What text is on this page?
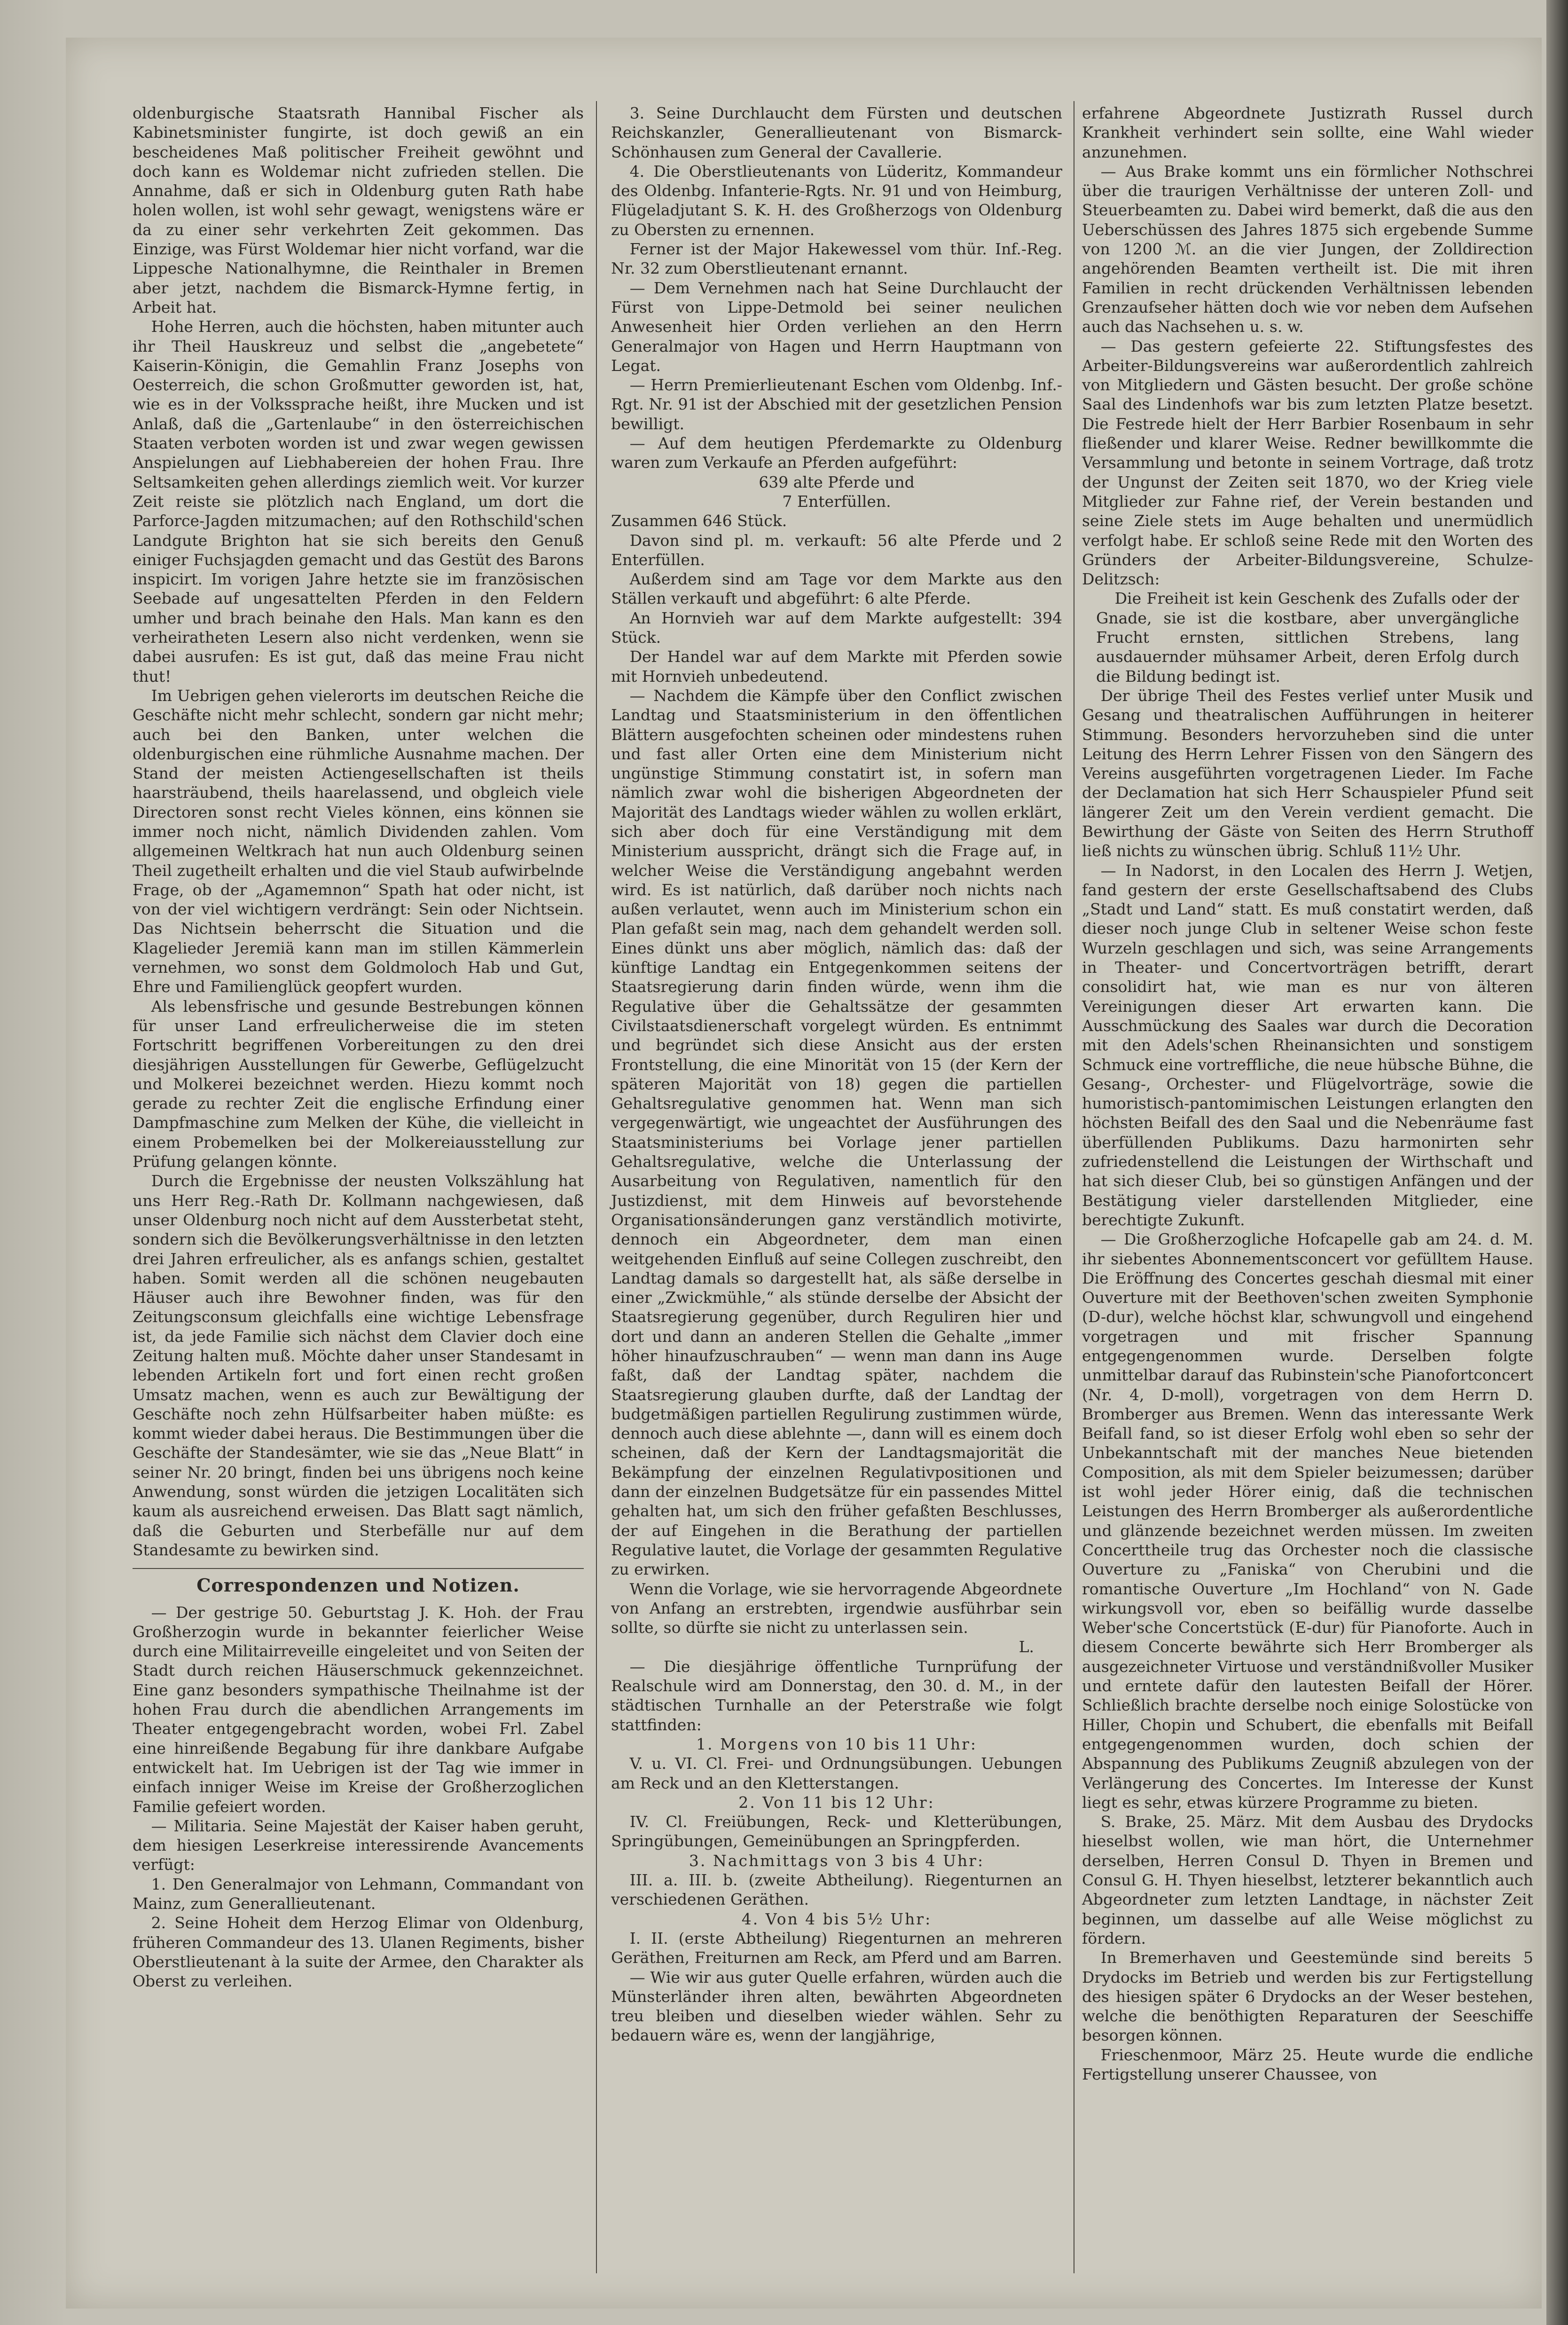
oldenburgische Staatsrath Hannibal Fischer als Kabinetsminister fungirte, ist doch gewiß an ein bescheidenes Maß politischer Freiheit gewöhnt und doch kann es Woldemar nicht zufrieden stellen. Die Annahme, daß er sich in Oldenburg guten Rath habe holen wollen, ist wohl sehr gewagt, wenigstens wäre er da zu einer sehr verkehrten Zeit gekommen. Das Einzige, was Fürst Woldemar hier nicht vorfand, war die Lippesche Nationalhymne, die Reinthaler in Bremen aber jetzt, nachdem die Bismarck-Hymne fertig, in Arbeit hat.

Hohe Herren, auch die höchsten, haben mitunter auch ihr Theil Hauskreuz und selbst die „angebetete“ Kaiserin-Königin, die Gemahlin Franz Josephs von Oesterreich, die schon Großmutter geworden ist, hat, wie es in der Volkssprache heißt, ihre Mucken und ist Anlaß, daß die „Gartenlaube“ in den österreichischen Staaten verboten worden ist und zwar wegen gewissen Anspielungen auf Liebhabereien der hohen Frau. Ihre Seltsamkeiten gehen allerdings ziemlich weit. Vor kurzer Zeit reiste sie plötzlich nach England, um dort die Parforce-Jagden mitzumachen; auf den Rothschild'schen Landgute Brighton hat sie sich bereits den Genuß einiger Fuchsjagden gemacht und das Gestüt des Barons inspicirt. Im vorigen Jahre hetzte sie im französischen Seebade auf ungesattelten Pferden in den Feldern umher und brach beinahe den Hals. Man kann es den verheiratheten Lesern also nicht verdenken, wenn sie dabei ausrufen: Es ist gut, daß das meine Frau nicht thut!

Im Uebrigen gehen vielerorts im deutschen Reiche die Geschäfte nicht mehr schlecht, sondern gar nicht mehr; auch bei den Banken, unter welchen die oldenburgischen eine rühmliche Ausnahme machen. Der Stand der meisten Actiengesellschaften ist theils haarsträubend, theils haarelassend, und obgleich viele Directoren sonst recht Vieles können, eins können sie immer noch nicht, nämlich Dividenden zahlen. Vom allgemeinen Weltkrach hat nun auch Oldenburg seinen Theil zugetheilt erhalten und die viel Staub aufwirbelnde Frage, ob der „Agamemnon“ Spath hat oder nicht, ist von der viel wichtigern verdrängt: Sein oder Nichtsein. Das Nichtsein beherrscht die Situation und die Klagelieder Jeremiä kann man im stillen Kämmerlein vernehmen, wo sonst dem Goldmoloch Hab und Gut, Ehre und Familienglück geopfert wurden.

Als lebensfrische und gesunde Bestrebungen können für unser Land erfreulicherweise die im steten Fortschritt begriffenen Vorbereitungen zu den drei diesjährigen Ausstellungen für Gewerbe, Geflügelzucht und Molkerei bezeichnet werden. Hiezu kommt noch gerade zu rechter Zeit die englische Erfindung einer Dampfmaschine zum Melken der Kühe, die vielleicht in einem Probemelken bei der Molkereiausstellung zur Prüfung gelangen könnte.

Durch die Ergebnisse der neusten Volkszählung hat uns Herr Reg.-Rath Dr. Kollmann nachgewiesen, daß unser Oldenburg noch nicht auf dem Aussterbetat steht, sondern sich die Bevölkerungsverhältnisse in den letzten drei Jahren erfreulicher, als es anfangs schien, gestaltet haben. Somit werden all die schönen neugebauten Häuser auch ihre Bewohner finden, was für den Zeitungsconsum gleichfalls eine wichtige Lebensfrage ist, da jede Familie sich nächst dem Clavier doch eine Zeitung halten muß. Möchte daher unser Standesamt in lebenden Artikeln fort und fort einen recht großen Umsatz machen, wenn es auch zur Bewältigung der Geschäfte noch zehn Hülfsarbeiter haben müßte: es kommt wieder dabei heraus. Die Bestimmungen über die Geschäfte der Standesämter, wie sie das „Neue Blatt“ in seiner Nr. 20 bringt, finden bei uns übrigens noch keine Anwendung, sonst würden die jetzigen Localitäten sich kaum als ausreichend erweisen. Das Blatt sagt nämlich, daß die Geburten und Sterbefälle nur auf dem Standesamte zu bewirken sind.

Correspondenzen und Notizen.

— Der gestrige 50. Geburtstag J. K. Hoh. der Frau Großherzogin wurde in bekannter feierlicher Weise durch eine Militairreveille eingeleitet und von Seiten der Stadt durch reichen Häuserschmuck gekennzeichnet. Eine ganz besonders sympathische Theilnahme ist der hohen Frau durch die abendlichen Arrangements im Theater entgegengebracht worden, wobei Frl. Zabel eine hinreißende Begabung für ihre dankbare Aufgabe entwickelt hat. Im Uebrigen ist der Tag wie immer in einfach inniger Weise im Kreise der Großherzoglichen Familie gefeiert worden.

— Militaria. Seine Majestät der Kaiser haben geruht, dem hiesigen Leserkreise interessirende Avancements verfügt:

1. Den Generalmajor von Lehmann, Commandant von Mainz, zum Generallieutenant.

2. Seine Hoheit dem Herzog Elimar von Oldenburg, früheren Commandeur des 13. Ulanen Regiments, bisher Oberstlieutenant à la suite der Armee, den Charakter als Oberst zu verleihen.

3. Seine Durchlaucht dem Fürsten und deutschen Reichskanzler, Generallieutenant von Bismarck-Schönhausen zum General der Cavallerie.

4. Die Oberstlieutenants von Lüderitz, Kommandeur des Oldenbg. Infanterie-Rgts. Nr. 91 und von Heimburg, Flügeladjutant S. K. H. des Großherzogs von Oldenburg zu Obersten zu ernennen.

Ferner ist der Major Hakewessel vom thür. Inf.-Reg. Nr. 32 zum Oberstlieutenant ernannt.

— Dem Vernehmen nach hat Seine Durchlaucht der Fürst von Lippe-Detmold bei seiner neulichen Anwesenheit hier Orden verliehen an den Herrn Generalmajor von Hagen und Herrn Hauptmann von Legat.

— Herrn Premierlieutenant Eschen vom Oldenbg. Inf.-Rgt. Nr. 91 ist der Abschied mit der gesetzlichen Pension bewilligt.

— Auf dem heutigen Pferdemarkte zu Oldenburg waren zum Verkaufe an Pferden aufgeführt:

639 alte Pferde und

7 Enterfüllen.

Zusammen 646 Stück.

Davon sind pl. m. verkauft: 56 alte Pferde und 2 Enterfüllen.

Außerdem sind am Tage vor dem Markte aus den Ställen verkauft und abgeführt: 6 alte Pferde.

An Hornvieh war auf dem Markte aufgestellt: 394 Stück.

Der Handel war auf dem Markte mit Pferden sowie mit Hornvieh unbedeutend.

— Nachdem die Kämpfe über den Conflict zwischen Landtag und Staatsministerium in den öffentlichen Blättern ausgefochten scheinen oder mindestens ruhen und fast aller Orten eine dem Ministerium nicht ungünstige Stimmung constatirt ist, in sofern man nämlich zwar wohl die bisherigen Abgeordneten der Majorität des Landtags wieder wählen zu wollen erklärt, sich aber doch für eine Verständigung mit dem Ministerium ausspricht, drängt sich die Frage auf, in welcher Weise die Verständigung angebahnt werden wird. Es ist natürlich, daß darüber noch nichts nach außen verlautet, wenn auch im Ministerium schon ein Plan gefaßt sein mag, nach dem gehandelt werden soll. Eines dünkt uns aber möglich, nämlich das: daß der künftige Landtag ein Entgegenkommen seitens der Staatsregierung darin finden würde, wenn ihm die Regulative über die Gehaltssätze der gesammten Civilstaatsdienerschaft vorgelegt würden. Es entnimmt und begründet sich diese Ansicht aus der ersten Frontstellung, die eine Minorität von 15 (der Kern der späteren Majorität von 18) gegen die partiellen Gehaltsregulative genommen hat. Wenn man sich vergegenwärtigt, wie ungeachtet der Ausführungen des Staatsministeriums bei Vorlage jener partiellen Gehaltsregulative, welche die Unterlassung der Ausarbeitung von Regulativen, namentlich für den Justizdienst, mit dem Hinweis auf bevorstehende Organisationsänderungen ganz verständlich motivirte, dennoch ein Abgeordneter, dem man einen weitgehenden Einfluß auf seine Collegen zuschreibt, den Landtag damals so dargestellt hat, als säße derselbe in einer „Zwickmühle,“ als stünde derselbe der Absicht der Staatsregierung gegenüber, durch Reguliren hier und dort und dann an anderen Stellen die Gehalte „immer höher hinaufzuschrauben“ — wenn man dann ins Auge faßt, daß der Landtag später, nachdem die Staatsregierung glauben durfte, daß der Landtag der budgetmäßigen partiellen Regulirung zustimmen würde, dennoch auch diese ablehnte —, dann will es einem doch scheinen, daß der Kern der Landtagsmajorität die Bekämpfung der einzelnen Regulativpositionen und dann der einzelnen Budgetsätze für ein passendes Mittel gehalten hat, um sich den früher gefaßten Beschlusses, der auf Eingehen in die Berathung der partiellen Regulative lautet, die Vorlage der gesammten Regulative zu erwirken.

Wenn die Vorlage, wie sie hervorragende Abgeordnete von Anfang an erstrebten, irgendwie ausführbar sein sollte, so dürfte sie nicht zu unterlassen sein.

L.

— Die diesjährige öffentliche Turnprüfung der Realschule wird am Donnerstag, den 30. d. M., in der städtischen Turnhalle an der Peterstraße wie folgt stattfinden:

1. Morgens von 10 bis 11 Uhr:

V. u. VI. Cl. Frei- und Ordnungsübungen. Uebungen am Reck und an den Kletterstangen.

2. Von 11 bis 12 Uhr:

IV. Cl. Freiübungen, Reck- und Kletterübungen, Springübungen, Gemeinübungen an Springpferden.

3. Nachmittags von 3 bis 4 Uhr:

III. a. III. b. (zweite Abtheilung). Riegenturnen an verschiedenen Geräthen.

4. Von 4 bis 5½ Uhr:

I. II. (erste Abtheilung) Riegenturnen an mehreren Geräthen, Freiturnen am Reck, am Pferd und am Barren.

— Wie wir aus guter Quelle erfahren, würden auch die Münsterländer ihren alten, bewährten Abgeordneten treu bleiben und dieselben wieder wählen. Sehr zu bedauern wäre es, wenn der langjährige,

erfahrene Abgeordnete Justizrath Russel durch Krankheit verhindert sein sollte, eine Wahl wieder anzunehmen.

— Aus Brake kommt uns ein förmlicher Nothschrei über die traurigen Verhältnisse der unteren Zoll- und Steuerbeamten zu. Dabei wird bemerkt, daß die aus den Ueberschüssen des Jahres 1875 sich ergebende Summe von 1200 ℳ. an die vier Jungen, der Zolldirection angehörenden Beamten vertheilt ist. Die mit ihren Familien in recht drückenden Verhältnissen lebenden Grenzaufseher hätten doch wie vor neben dem Aufsehen auch das Nachsehen u. s. w.

— Das gestern gefeierte 22. Stiftungsfestes des Arbeiter-Bildungsvereins war außerordentlich zahlreich von Mitgliedern und Gästen besucht. Der große schöne Saal des Lindenhofs war bis zum letzten Platze besetzt. Die Festrede hielt der Herr Barbier Rosenbaum in sehr fließender und klarer Weise. Redner bewillkommte die Versammlung und betonte in seinem Vortrage, daß trotz der Ungunst der Zeiten seit 1870, wo der Krieg viele Mitglieder zur Fahne rief, der Verein bestanden und seine Ziele stets im Auge behalten und unermüdlich verfolgt habe. Er schloß seine Rede mit den Worten des Gründers der Arbeiter-Bildungsvereine, Schulze-Delitzsch:

Die Freiheit ist kein Geschenk des Zufalls oder der Gnade, sie ist die kostbare, aber unvergängliche Frucht ernsten, sittlichen Strebens, lang ausdauernder mühsamer Arbeit, deren Erfolg durch die Bildung bedingt ist.

Der übrige Theil des Festes verlief unter Musik und Gesang und theatralischen Aufführungen in heiterer Stimmung. Besonders hervorzuheben sind die unter Leitung des Herrn Lehrer Fissen von den Sängern des Vereins ausgeführten vorgetragenen Lieder. Im Fache der Declamation hat sich Herr Schauspieler Pfund seit längerer Zeit um den Verein verdient gemacht. Die Bewirthung der Gäste von Seiten des Herrn Struthoff ließ nichts zu wünschen übrig. Schluß 11½ Uhr.

— In Nadorst, in den Localen des Herrn J. Wetjen, fand gestern der erste Gesellschaftsabend des Clubs „Stadt und Land“ statt. Es muß constatirt werden, daß dieser noch junge Club in seltener Weise schon feste Wurzeln geschlagen und sich, was seine Arrangements in Theater- und Concertvorträgen betrifft, derart consolidirt hat, wie man es nur von älteren Vereinigungen dieser Art erwarten kann. Die Ausschmückung des Saales war durch die Decoration mit den Adels'schen Rheinansichten und sonstigem Schmuck eine vortreffliche, die neue hübsche Bühne, die Gesang-, Orchester- und Flügelvorträge, sowie die humoristisch-pantomimischen Leistungen erlangten den höchsten Beifall des den Saal und die Nebenräume fast überfüllenden Publikums. Dazu harmonirten sehr zufriedenstellend die Leistungen der Wirthschaft und hat sich dieser Club, bei so günstigen Anfängen und der Bestätigung vieler darstellenden Mitglieder, eine berechtigte Zukunft.

— Die Großherzogliche Hofcapelle gab am 24. d. M. ihr siebentes Abonnementsconcert vor gefülltem Hause. Die Eröffnung des Concertes geschah diesmal mit einer Ouverture mit der Beethoven'schen zweiten Symphonie (D-dur), welche höchst klar, schwungvoll und eingehend vorgetragen und mit frischer Spannung entgegengenommen wurde. Derselben folgte unmittelbar darauf das Rubinstein'sche Pianofortconcert (Nr. 4, D-moll), vorgetragen von dem Herrn D. Bromberger aus Bremen. Wenn das interessante Werk Beifall fand, so ist dieser Erfolg wohl eben so sehr der Unbekanntschaft mit der manches Neue bietenden Composition, als mit dem Spieler beizumessen; darüber ist wohl jeder Hörer einig, daß die technischen Leistungen des Herrn Bromberger als außerordentliche und glänzende bezeichnet werden müssen. Im zweiten Concerttheile trug das Orchester noch die classische Ouverture zu „Faniska“ von Cherubini und die romantische Ouverture „Im Hochland“ von N. Gade wirkungsvoll vor, eben so beifällig wurde dasselbe Weber'sche Concertstück (E-dur) für Pianoforte. Auch in diesem Concerte bewährte sich Herr Bromberger als ausgezeichneter Virtuose und verständnißvoller Musiker und erntete dafür den lautesten Beifall der Hörer. Schließlich brachte derselbe noch einige Solostücke von Hiller, Chopin und Schubert, die ebenfalls mit Beifall entgegengenommen wurden, doch schien der Abspannung des Publikums Zeugniß abzulegen von der Verlängerung des Concertes. Im Interesse der Kunst liegt es sehr, etwas kürzere Programme zu bieten.

S. Brake, 25. März. Mit dem Ausbau des Drydocks hieselbst wollen, wie man hört, die Unternehmer derselben, Herren Consul D. Thyen in Bremen und Consul G. H. Thyen hieselbst, letzterer bekanntlich auch Abgeordneter zum letzten Landtage, in nächster Zeit beginnen, um dasselbe auf alle Weise möglichst zu fördern.

In Bremerhaven und Geestemünde sind bereits 5 Drydocks im Betrieb und werden bis zur Fertigstellung des hiesigen später 6 Drydocks an der Weser bestehen, welche die benöthigten Reparaturen der Seeschiffe besorgen können.

Frieschenmoor, März 25. Heute wurde die endliche Fertigstellung unserer Chaussee, von
